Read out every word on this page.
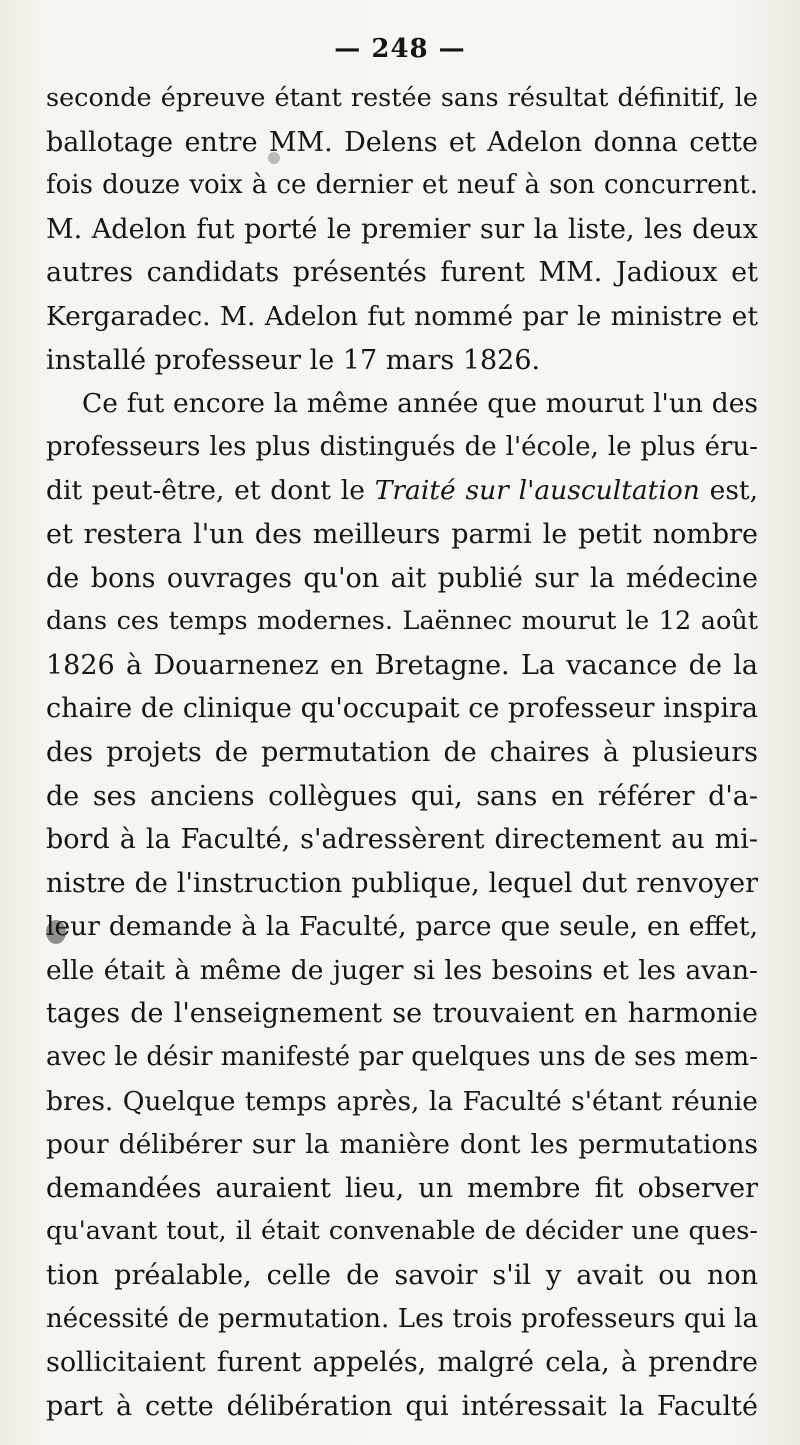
— 248 —
seconde épreuve étant restée sans résultat définitif, le
ballotage entre MM. Delens et Adelon donna cette
fois douze voix à ce dernier et neuf à son concurrent.
M. Adelon fut porté le premier sur la liste, les deux
autres candidats présentés furent MM. Jadioux et
Kergaradec. M. Adelon fut nommé par le ministre et
installé professeur le 17 mars 1826.
Ce fut encore la même année que mourut l'un des
professeurs les plus distingués de l'école, le plus éru-
dit peut-être, et dont le Traité sur l'auscultation est,
et restera l'un des meilleurs parmi le petit nombre
de bons ouvrages qu'on ait publié sur la médecine
dans ces temps modernes. Laënnec mourut le 12 août
1826 à Douarnenez en Bretagne. La vacance de la
chaire de clinique qu'occupait ce professeur inspira
des projets de permutation de chaires à plusieurs
de ses anciens collègues qui, sans en référer d'a-
bord à la Faculté, s'adressèrent directement au mi-
nistre de l'instruction publique, lequel dut renvoyer
leur demande à la Faculté, parce que seule, en effet,
elle était à même de juger si les besoins et les avan-
tages de l'enseignement se trouvaient en harmonie
avec le désir manifesté par quelques uns de ses mem-
bres. Quelque temps après, la Faculté s'étant réunie
pour délibérer sur la manière dont les permutations
demandées auraient lieu, un membre fit observer
qu'avant tout, il était convenable de décider une ques-
tion préalable, celle de savoir s'il y avait ou non
nécessité de permutation. Les trois professeurs qui la
sollicitaient furent appelés, malgré cela, à prendre
part à cette délibération qui intéressait la Faculté
